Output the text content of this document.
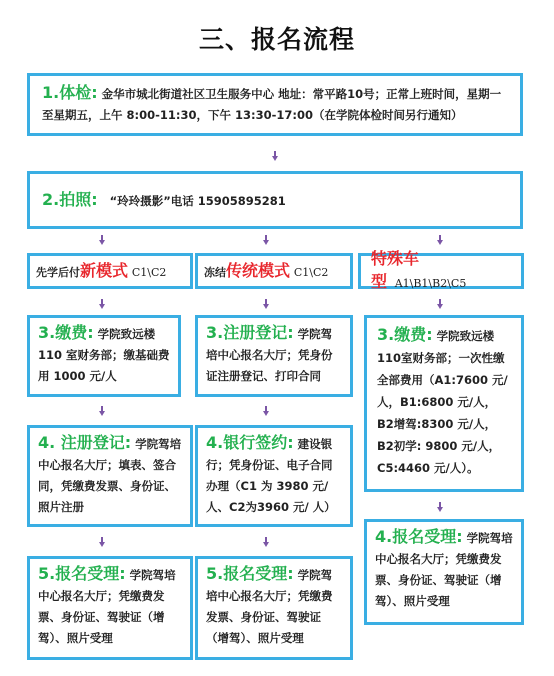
三、报名流程
1.体检: 金华市城北街道社区卫生服务中心 地址：常平路10号；正常上班时间，星期一至星期五，上午 8:00-11:30，下午 13:30-17:00（在学院体检时间另行通知）
2.拍照: “玲玲摄影”电话 15905895281
先学后付新模式 C1\C2	冻结传统模式 C1\C2
特殊车型 A1\B1\B2\C5
3.缴费: 学院致远楼 110 室财务部；缴基础费用 1000 元/人
4. 注册登记: 学院驾培中心报名大厅；填表、签合同，凭缴费发票、身份证、照片注册
5.报名受理: 学院驾培中心报名大厅；凭缴费发票、身份证、驾驶证（增驾）、照片受理
3.注册登记: 学院驾培中心报名大厅；凭身份证注册登记、打印合同
4.银行签约: 建设银行；凭身份证、电子合同办理（C1 为 3980 元/人、C2为3960 元/ 人）
5.报名受理: 学院驾培中心报名大厅；凭缴费发票、身份证、驾驶证（增驾）、照片受理
3.缴费: 学院致远楼 110室财务部；一次性缴全部费用（A1:7600 元/人，B1:6800 元/人，B2增驾:8300 元/人，B2初学: 9800 元/人，C5:4460 元/人）。
4.报名受理: 学院驾培中心报名大厅；凭缴费发票、身份证、驾驶证（增驾）、照片受理
